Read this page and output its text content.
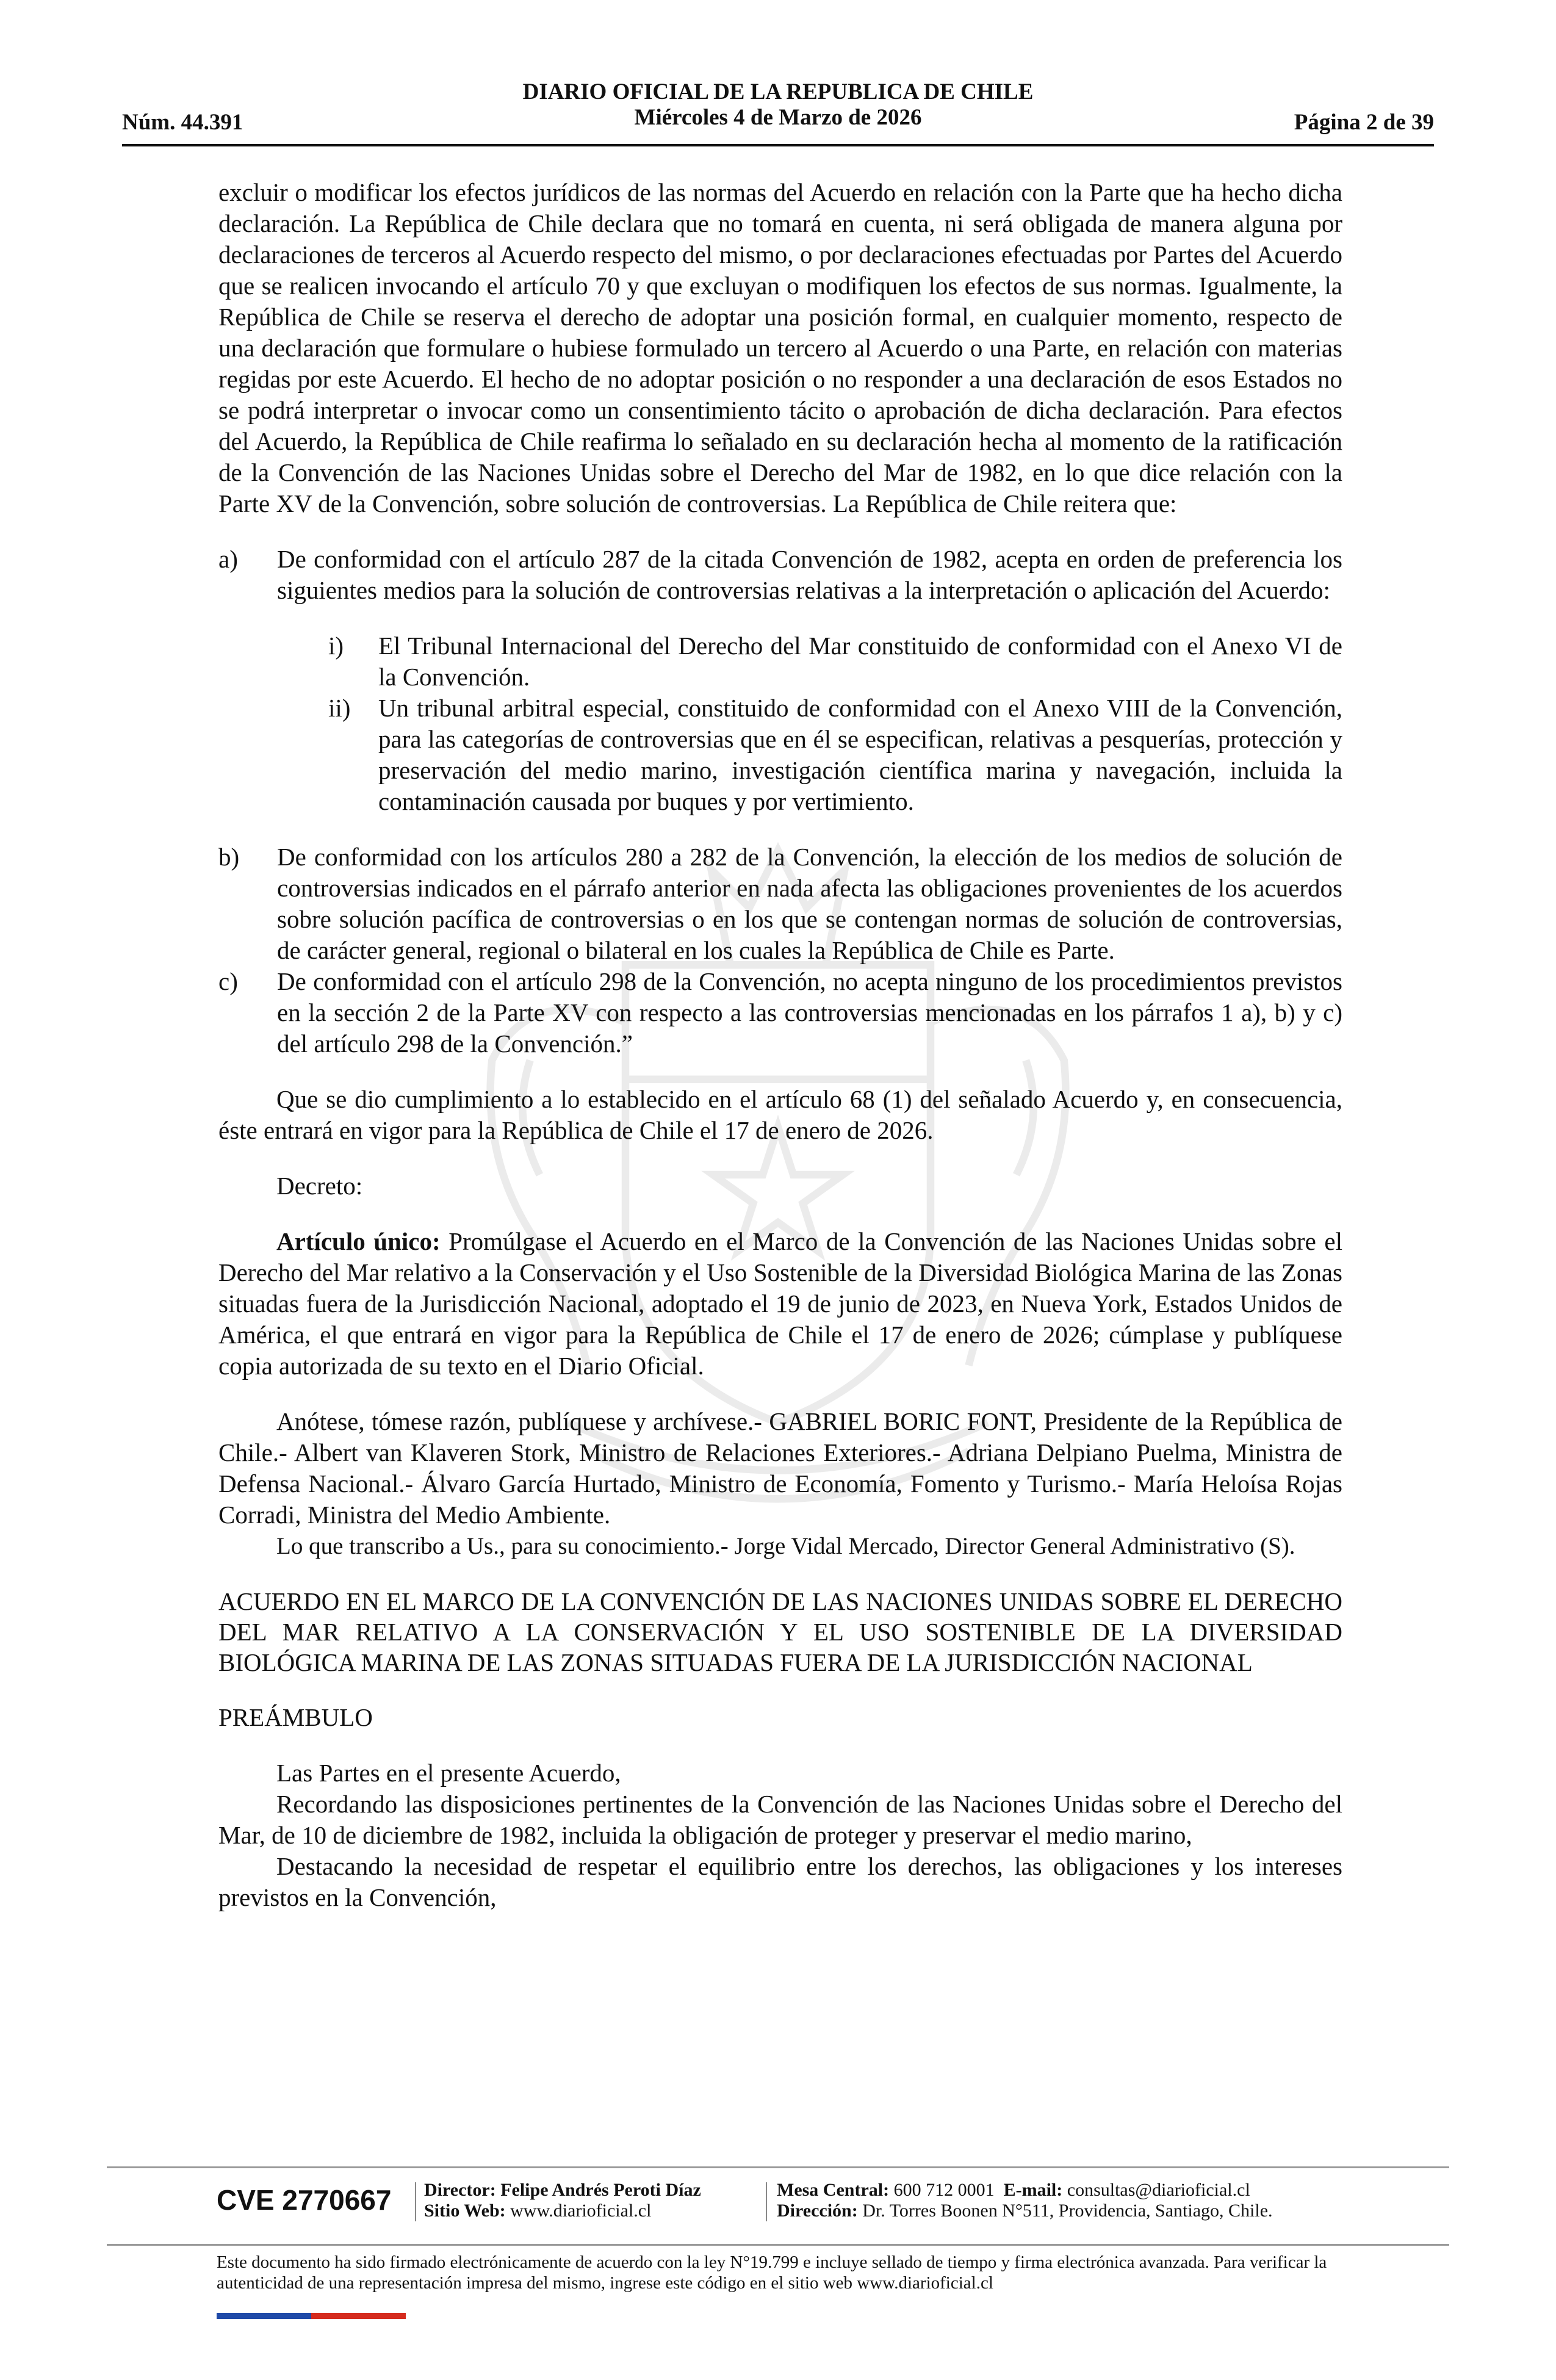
DIARIO OFICIAL DE LA REPUBLICA DE CHILE
Miércoles 4 de Marzo de 2026
Núm. 44.391	Página 2 de 39

excluir o modificar los efectos jurídicos de las normas del Acuerdo en relación con la Parte que ha hecho dicha declaración. La República de Chile declara que no tomará en cuenta, ni será obligada de manera alguna por declaraciones de terceros al Acuerdo respecto del mismo, o por declaraciones efectuadas por Partes del Acuerdo que se realicen invocando el artículo 70 y que excluyan o modifiquen los efectos de sus normas. Igualmente, la República de Chile se reserva el derecho de adoptar una posición formal, en cualquier momento, respecto de una declaración que formulare o hubiese formulado un tercero al Acuerdo o una Parte, en relación con materias regidas por este Acuerdo. El hecho de no adoptar posición o no responder a una declaración de esos Estados no se podrá interpretar o invocar como un consentimiento tácito o aprobación de dicha declaración. Para efectos del Acuerdo, la República de Chile reafirma lo señalado en su declaración hecha al momento de la ratificación de la Convención de las Naciones Unidas sobre el Derecho del Mar de 1982, en lo que dice relación con la Parte XV de la Convención, sobre solución de controversias. La República de Chile reitera que:

a) De conformidad con el artículo 287 de la citada Convención de 1982, acepta en orden de preferencia los siguientes medios para la solución de controversias relativas a la interpretación o aplicación del Acuerdo:
i) El Tribunal Internacional del Derecho del Mar constituido de conformidad con el Anexo VI de la Convención.
ii) Un tribunal arbitral especial, constituido de conformidad con el Anexo VIII de la Convención, para las categorías de controversias que en él se especifican, relativas a pesquerías, protección y preservación del medio marino, investigación científica marina y navegación, incluida la contaminación causada por buques y por vertimiento.
b) De conformidad con los artículos 280 a 282 de la Convención, la elección de los medios de solución de controversias indicados en el párrafo anterior en nada afecta las obligaciones provenientes de los acuerdos sobre solución pacífica de controversias o en los que se contengan normas de solución de controversias, de carácter general, regional o bilateral en los cuales la República de Chile es Parte.
c) De conformidad con el artículo 298 de la Convención, no acepta ninguno de los procedimientos previstos en la sección 2 de la Parte XV con respecto a las controversias mencionadas en los párrafos 1 a), b) y c) del artículo 298 de la Convención.”

Que se dio cumplimiento a lo establecido en el artículo 68 (1) del señalado Acuerdo y, en consecuencia, éste entrará en vigor para la República de Chile el 17 de enero de 2026.

Decreto:

Artículo único: Promúlgase el Acuerdo en el Marco de la Convención de las Naciones Unidas sobre el Derecho del Mar relativo a la Conservación y el Uso Sostenible de la Diversidad Biológica Marina de las Zonas situadas fuera de la Jurisdicción Nacional, adoptado el 19 de junio de 2023, en Nueva York, Estados Unidos de América, el que entrará en vigor para la República de Chile el 17 de enero de 2026; cúmplase y publíquese copia autorizada de su texto en el Diario Oficial.

Anótese, tómese razón, publíquese y archívese.- GABRIEL BORIC FONT, Presidente de la República de Chile.- Albert van Klaveren Stork, Ministro de Relaciones Exteriores.- Adriana Delpiano Puelma, Ministra de Defensa Nacional.- Álvaro García Hurtado, Ministro de Economía, Fomento y Turismo.- María Heloísa Rojas Corradi, Ministra del Medio Ambiente.

Lo que transcribo a Us., para su conocimiento.- Jorge Vidal Mercado, Director General Administrativo (S).

ACUERDO EN EL MARCO DE LA CONVENCIÓN DE LAS NACIONES UNIDAS SOBRE EL DERECHO DEL MAR RELATIVO A LA CONSERVACIÓN Y EL USO SOSTENIBLE DE LA DIVERSIDAD BIOLÓGICA MARINA DE LAS ZONAS SITUADAS FUERA DE LA JURISDICCIÓN NACIONAL

PREÁMBULO

Las Partes en el presente Acuerdo,

Recordando las disposiciones pertinentes de la Convención de las Naciones Unidas sobre el Derecho del Mar, de 10 de diciembre de 1982, incluida la obligación de proteger y preservar el medio marino,

Destacando la necesidad de respetar el equilibrio entre los derechos, las obligaciones y los intereses previstos en la Convención,

CVE 2770667 Director: Felipe Andrés Peroti Díaz
Sitio Web: www.diarioficial.cl
Mesa Central: 600 712 0001 E-mail: consultas@diarioficial.cl
Dirección: Dr. Torres Boonen N°511, Providencia, Santiago, Chile.
Este documento ha sido firmado electrónicamente de acuerdo con la ley N°19.799 e incluye sellado de tiempo y firma electrónica avanzada. Para verificar la autenticidad de una representación impresa del mismo, ingrese este código en el sitio web www.diarioficial.cl
